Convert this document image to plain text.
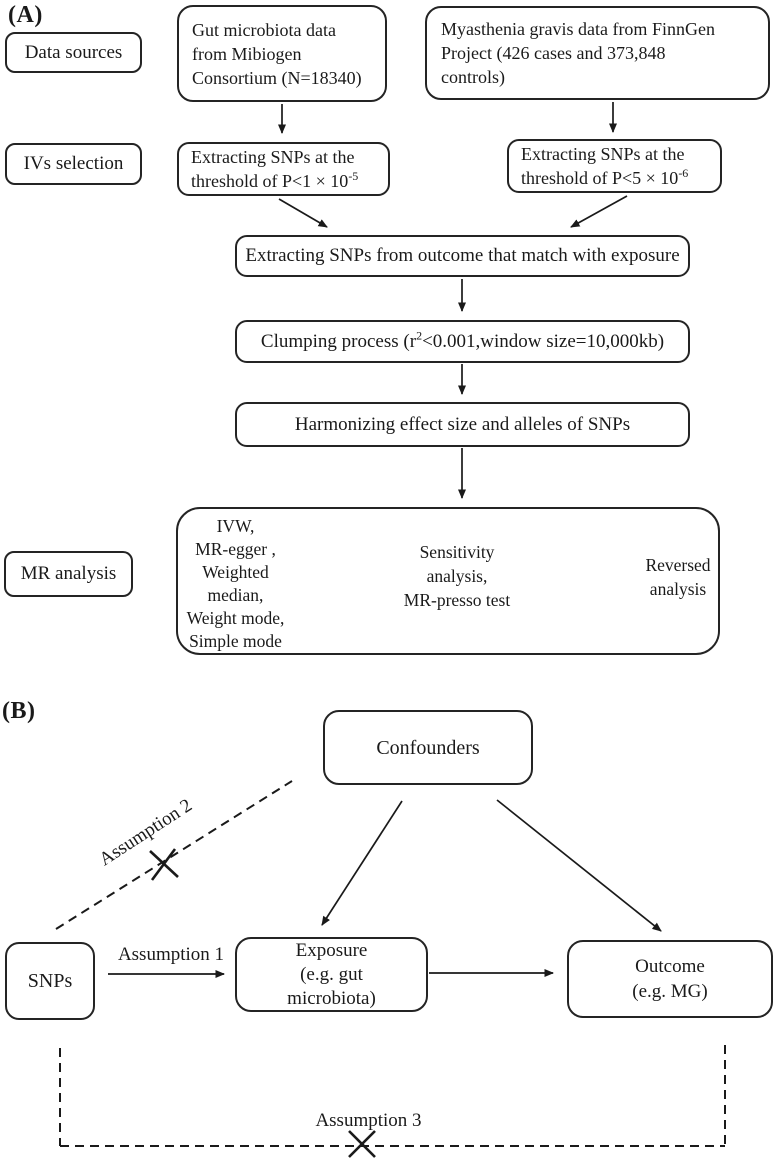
(A)
Data sources
Gut microbiota data
from Mibiogen
Consortium (N=18340)
Myasthenia gravis data from FinnGen
Project (426 cases and 373,848
controls)
IVs selection	Extracting SNPs at the
threshold of $P<1 \times 10^{-5}$
Extracting SNPs at the
threshold of $P<5 \times 10^{-6}$
Extracting SNPs from outcome that match with exposure
Clumping process ($r^2<0.001,window$ size=10,000kb)
Harmonizing effect size and alleles of SNPs
IVW,
MR-egger ,
Weighted
median,
Weight mode,
Simple mode
Sensitivity
analysis,
MR-presso test
Reversed
analysis
MR analysis
(B)
Confounders
SNPs
Exposure
(e.g. gut
microbiota)
Outcome
(e.g. MG)
Assumption 1
Assumption 2
Assumption 3
